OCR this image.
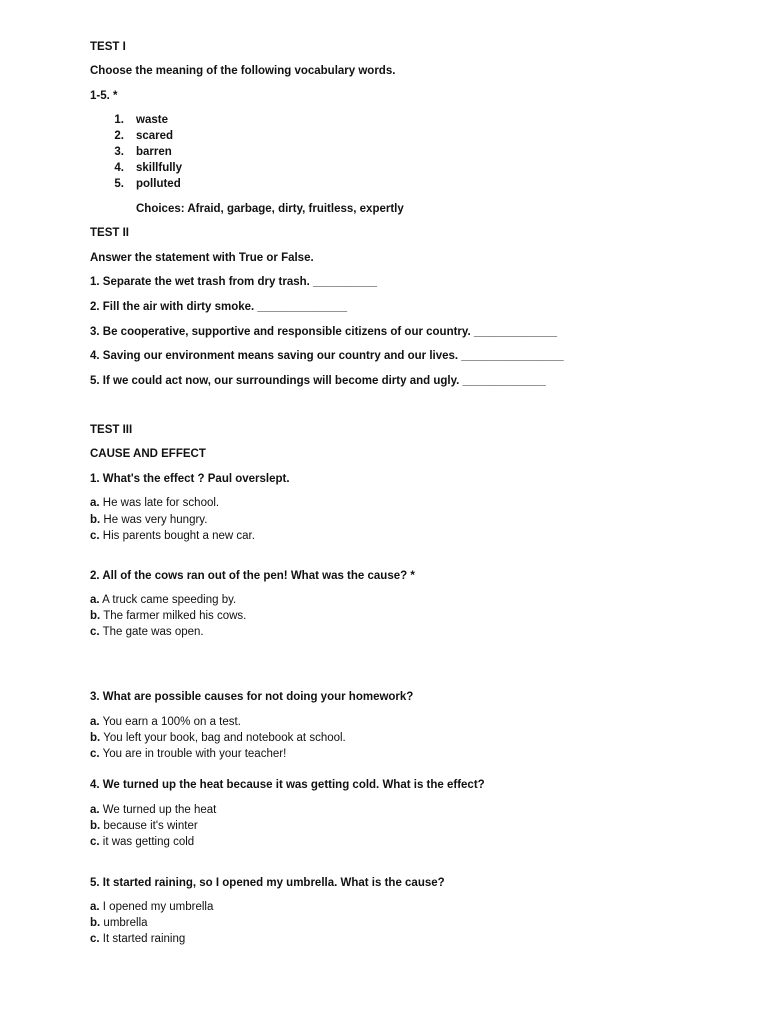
TEST I
Choose the meaning of the following vocabulary words.
1-5. *
1. waste
2. scared
3. barren
4. skillfully
5. polluted
Choices: Afraid, garbage, dirty, fruitless, expertly
TEST II
Answer the statement with True or False.
1. Separate the wet trash from dry trash. __________
2. Fill the air with dirty smoke. ______________
3. Be cooperative, supportive and responsible citizens of our country. _____________
4. Saving our environment means saving our country and our lives. ________________
5. If we could act now, our surroundings will become dirty and ugly. _____________
TEST III
CAUSE AND EFFECT
1. What's the effect ? Paul overslept.
a. He was late for school.
b. He was very hungry.
c. His parents bought a new car.
2. All of the cows ran out of the pen! What was the cause? *
a. A truck came speeding by.
b. The farmer milked his cows.
c. The gate was open.
3. What are possible causes for not doing your homework?
a. You earn a 100% on a test.
b. You left your book, bag and notebook at school.
c. You are in trouble with your teacher!
4. We turned up the heat because it was getting cold. What is the effect?
a. We turned up the heat
b. because it's winter
c. it was getting cold
5. It started raining, so I opened my umbrella. What is the cause?
a. I opened my umbrella
b. umbrella
c. It started raining
